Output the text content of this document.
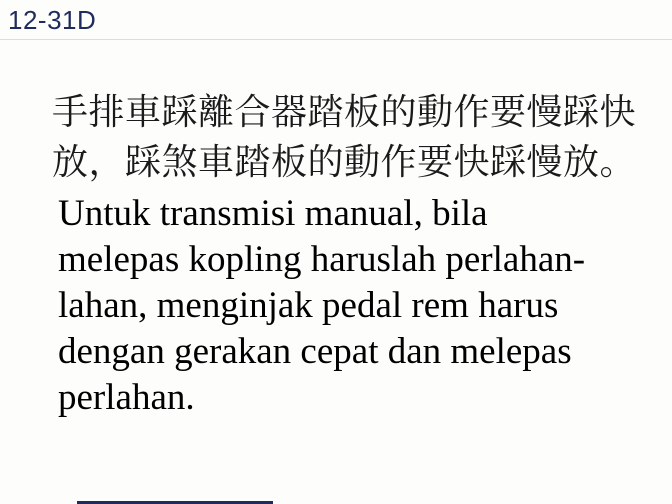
12-31D
手排車踩離合器踏板的動作要慢踩快
放，踩煞車踏板的動作要快踩慢放。
Untuk transmisi manual, bila
melepas kopling haruslah perlahan-
lahan, menginjak pedal rem harus
dengan gerakan cepat dan melepas
perlahan.
